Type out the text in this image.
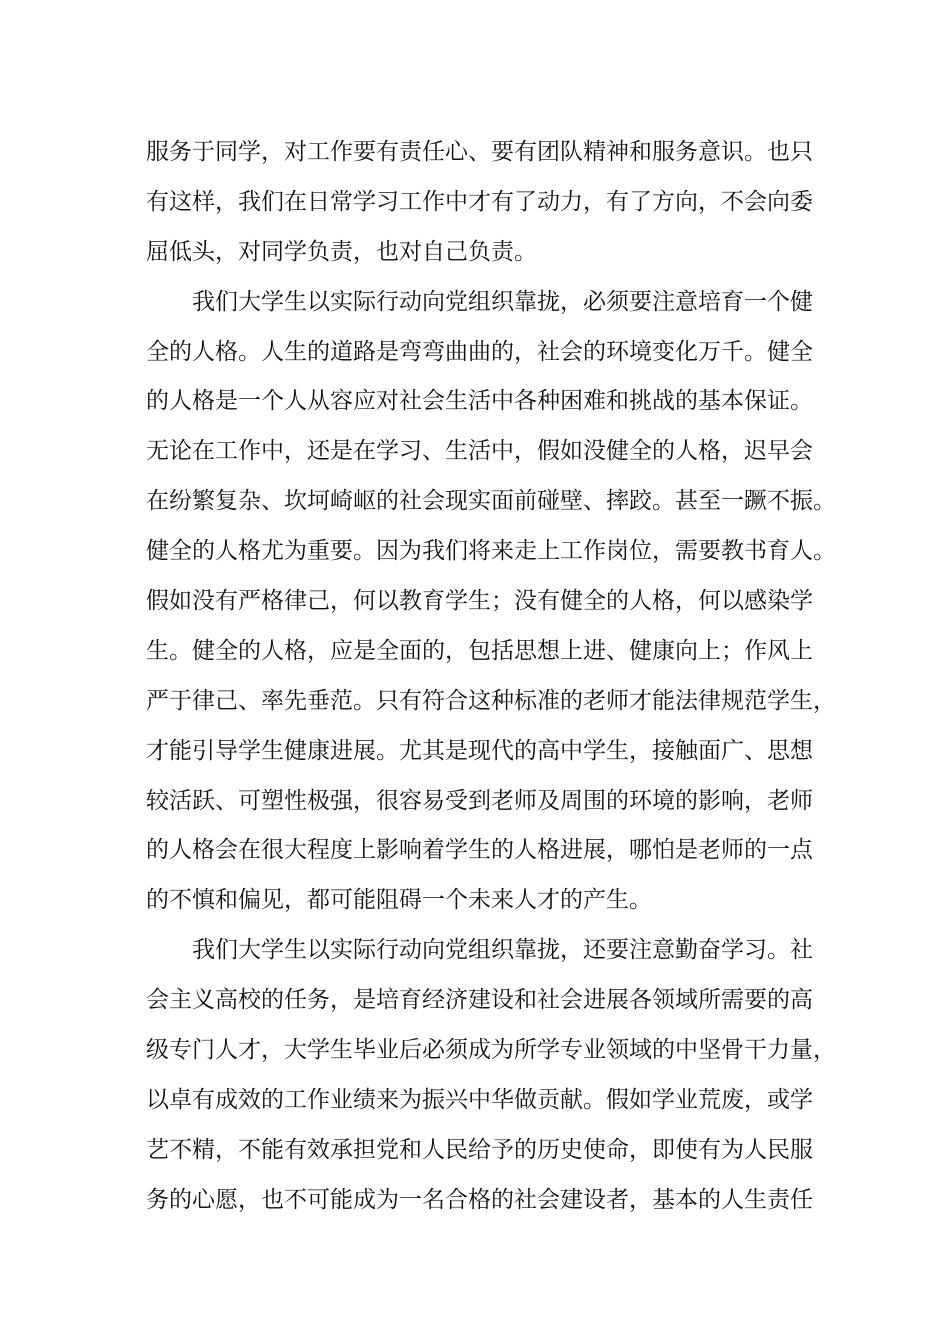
服务于同学，对工作要有责任心、要有团队精神和服务意识。也只
有这样，我们在日常学习工作中才有了动力，有了方向，不会向委
屈低头，对同学负责，也对自己负责。
我们大学生以实际行动向党组织靠拢，必须要注意培育一个健
全的人格。人生的道路是弯弯曲曲的，社会的环境变化万千。健全
的人格是一个人从容应对社会生活中各种困难和挑战的基本保证。
无论在工作中，还是在学习、生活中，假如没健全的人格，迟早会
在纷繁复杂、坎坷崎岖的社会现实面前碰壁、摔跤。甚至一蹶不振。
健全的人格尤为重要。因为我们将来走上工作岗位，需要教书育人。
假如没有严格律己，何以教育学生；没有健全的人格，何以感染学
生。健全的人格，应是全面的，包括思想上进、健康向上；作风上
严于律己、率先垂范。只有符合这种标准的老师才能法律规范学生，
才能引导学生健康进展。尤其是现代的高中学生，接触面广、思想
较活跃、可塑性极强，很容易受到老师及周围的环境的影响，老师
的人格会在很大程度上影响着学生的人格进展，哪怕是老师的一点
的不慎和偏见，都可能阻碍一个未来人才的产生。
我们大学生以实际行动向党组织靠拢，还要注意勤奋学习。社
会主义高校的任务，是培育经济建设和社会进展各领域所需要的高
级专门人才，大学生毕业后必须成为所学专业领域的中坚骨干力量，
以卓有成效的工作业绩来为振兴中华做贡献。假如学业荒废，或学
艺不精，不能有效承担党和人民给予的历史使命，即使有为人民服
务的心愿，也不可能成为一名合格的社会建设者，基本的人生责任
